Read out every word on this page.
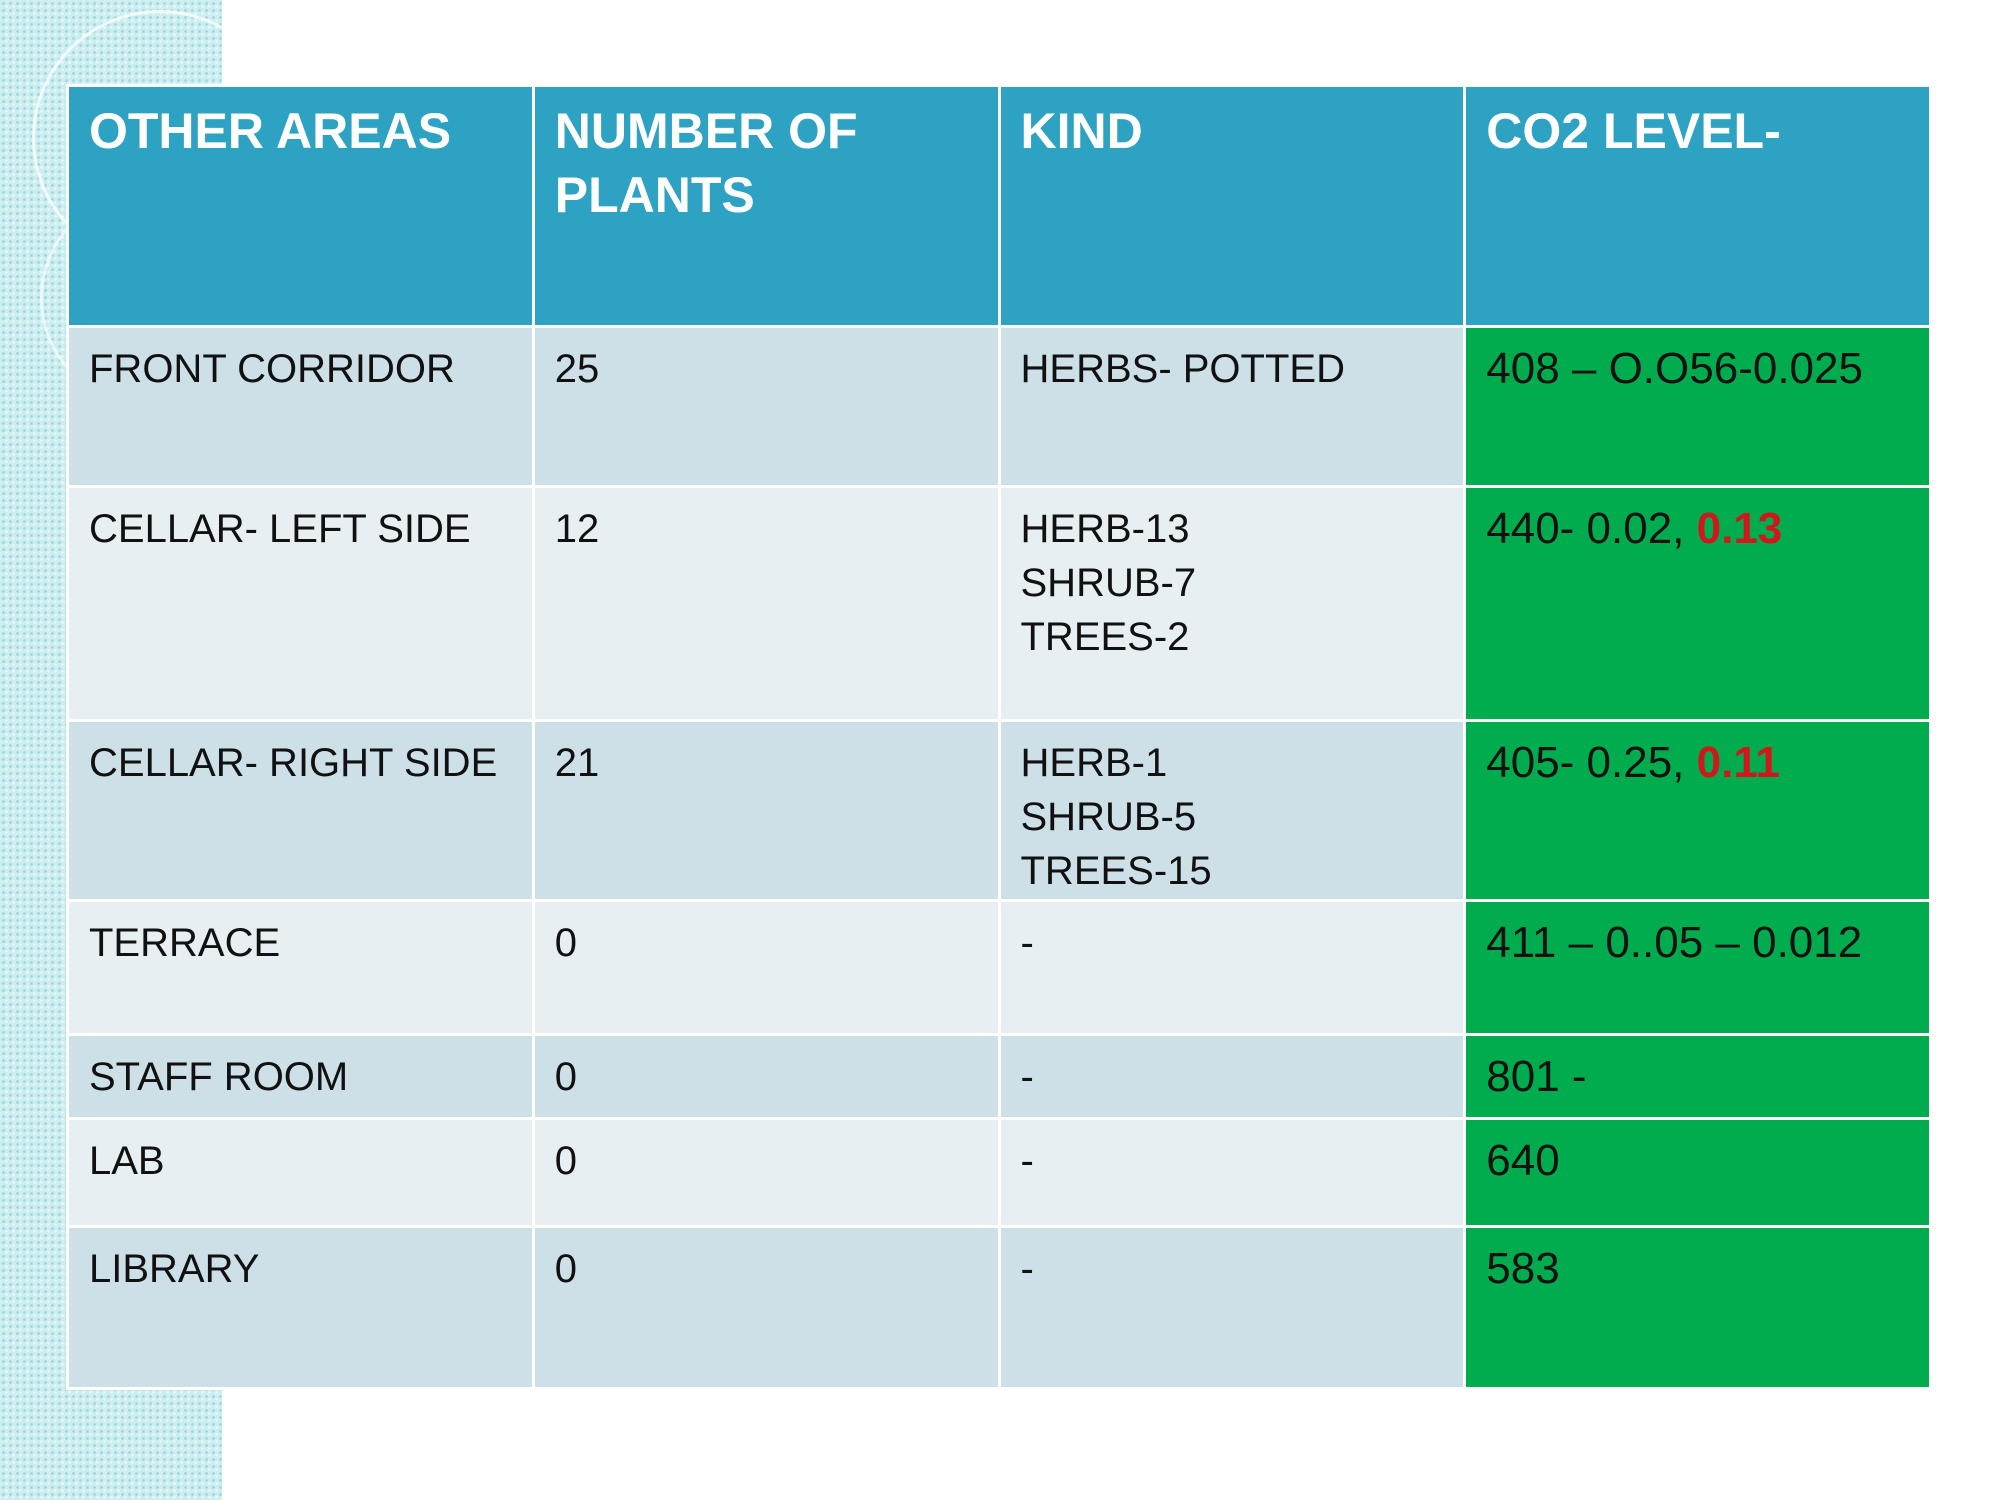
OTHER AREAS	NUMBER OF PLANTS	KIND	CO2 LEVEL-
FRONT CORRIDOR	25	HERBS- POTTED	408 – O.O56-0.025
CELLAR- LEFT SIDE	12	HERB-13
SHRUB-7
TREES-2	440- 0.02, 0.13
CELLAR- RIGHT SIDE	21	HERB-1
SHRUB-5
TREES-15	405- 0.25, 0.11
TERRACE	0	-	411 – 0..05 – 0.012
STAFF ROOM	0	-	801 -
LAB	0	-	640
LIBRARY	0	-	583
